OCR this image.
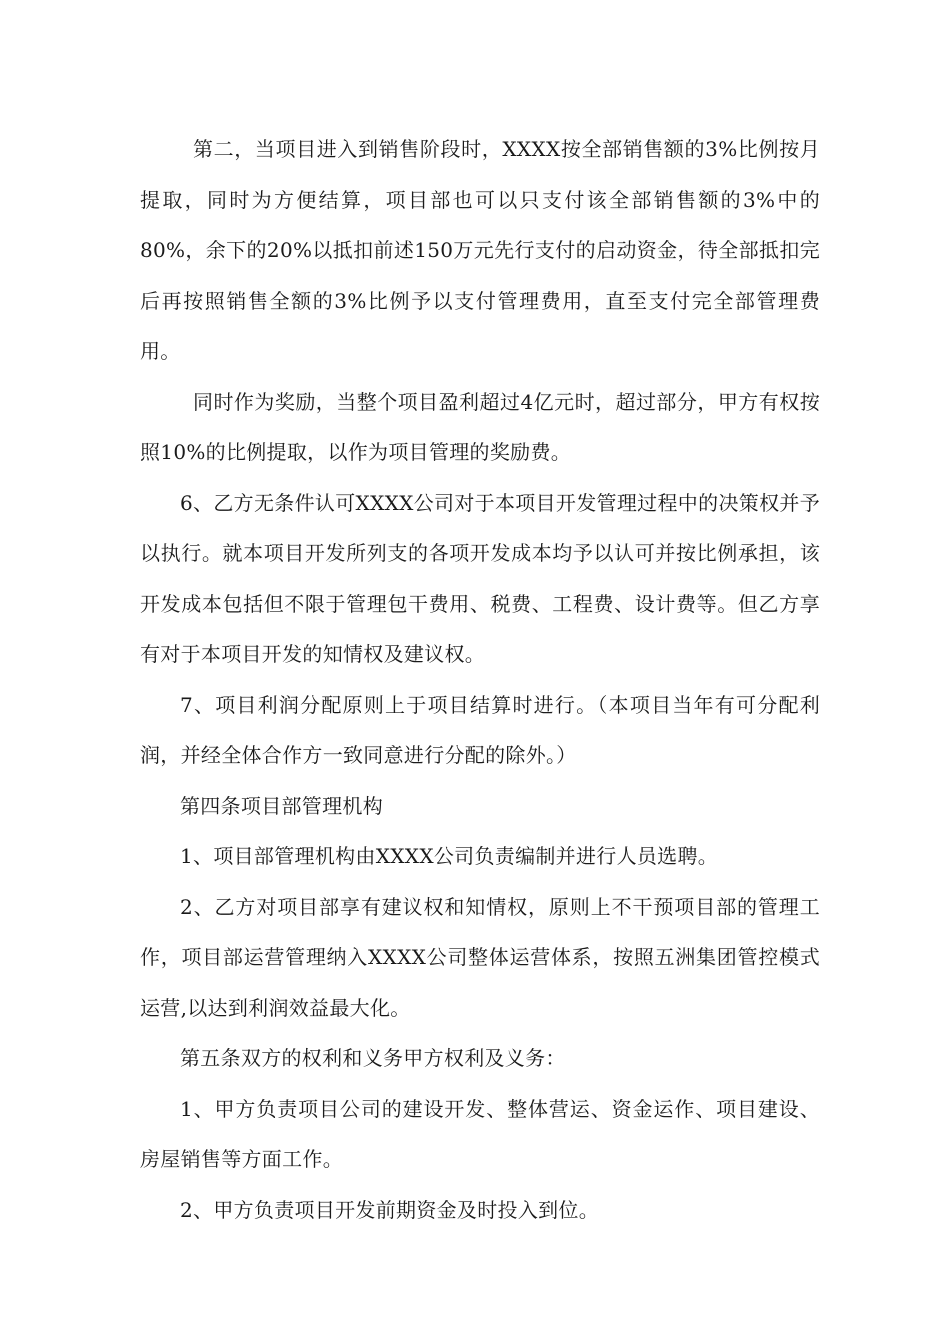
第二，当项目进入到销售阶段时，XXXX按全部销售额的3%比例按月提取，同时为方便结算，项目部也可以只支付该全部销售额的3%中的80%，余下的20%以抵扣前述150万元先行支付的启动资金，待全部抵扣完后再按照销售全额的3%比例予以支付管理费用，直至支付完全部管理费用。

同时作为奖励，当整个项目盈利超过4亿元时，超过部分，甲方有权按照10%的比例提取，以作为项目管理的奖励费。

6、乙方无条件认可XXXX公司对于本项目开发管理过程中的决策权并予以执行。就本项目开发所列支的各项开发成本均予以认可并按比例承担，该开发成本包括但不限于管理包干费用、税费、工程费、设计费等。但乙方享有对于本项目开发的知情权及建议权。

7、项目利润分配原则上于项目结算时进行。（本项目当年有可分配利润，并经全体合作方一致同意进行分配的除外。）

第四条项目部管理机构

1、项目部管理机构由XXXX公司负责编制并进行人员选聘。

2、乙方对项目部享有建议权和知情权，原则上不干预项目部的管理工作，项目部运营管理纳入XXXX公司整体运营体系，按照五洲集团管控模式运营,以达到利润效益最大化。

第五条双方的权利和义务甲方权利及义务：

1、甲方负责项目公司的建设开发、整体营运、资金运作、项目建设、房屋销售等方面工作。

2、甲方负责项目开发前期资金及时投入到位。
